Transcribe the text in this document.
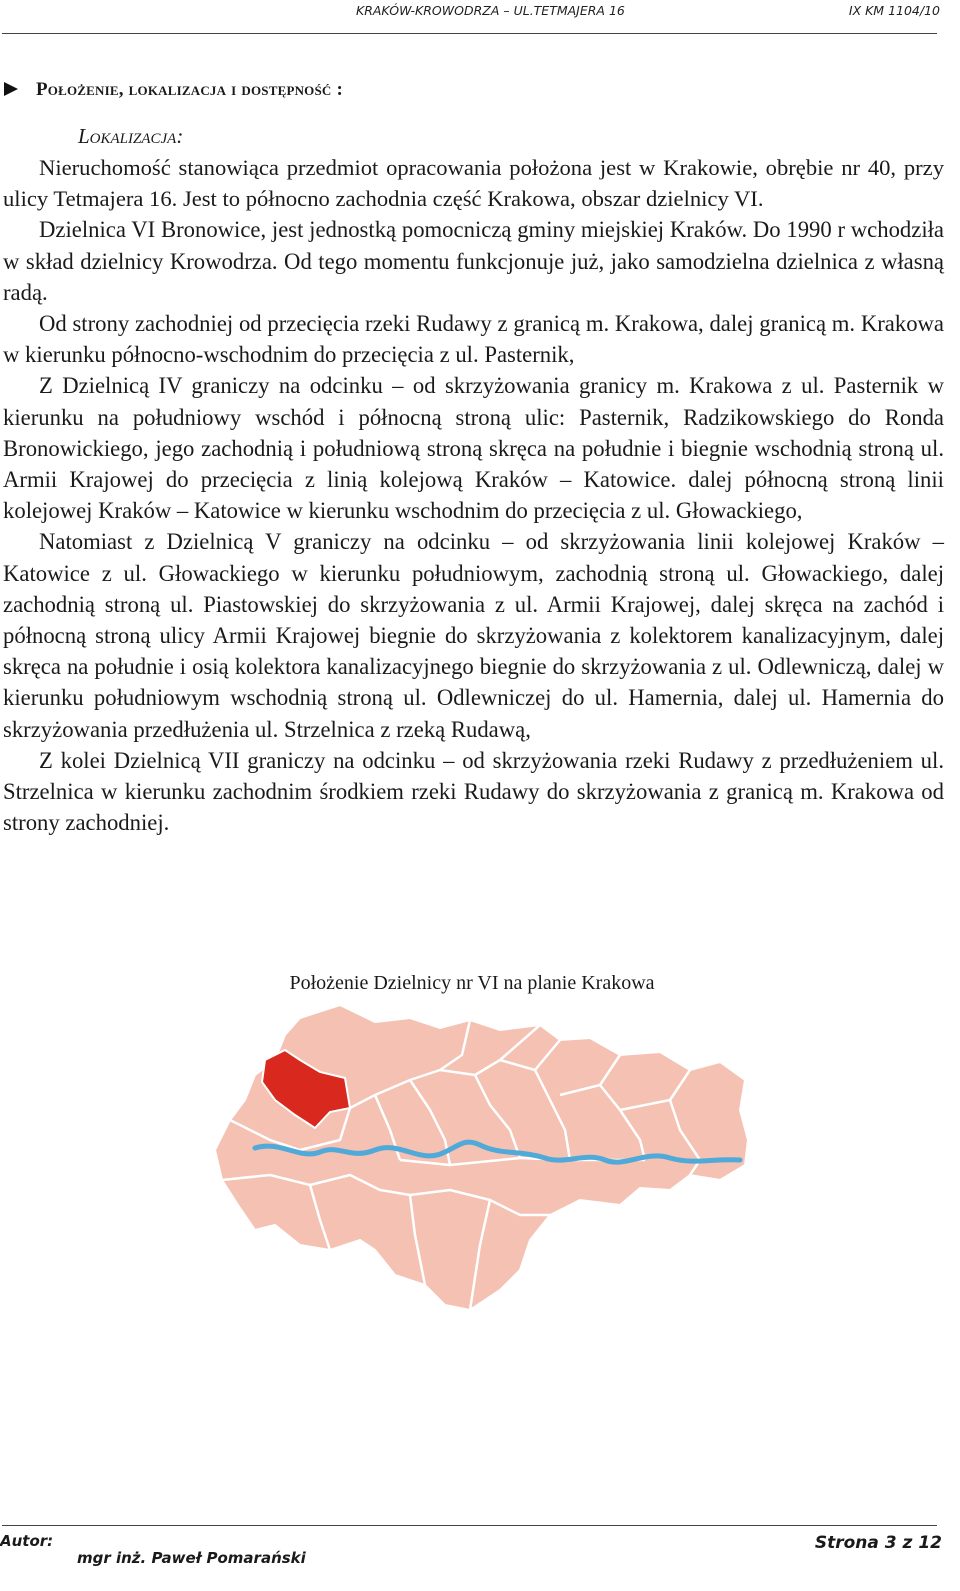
KRAKÓW-KROWODRZA – UL.TETMAJERA 16	IX KM 1104/10
Położenie, lokalizacja i dostępność :
Lokalizacja:

Nieruchomość stanowiąca przedmiot opracowania położona jest w Krakowie, obrębie nr 40, przy ulicy Tetmajera 16. Jest to północno zachodnia część Krakowa, obszar dzielnicy VI.

Dzielnica VI Bronowice, jest jednostką pomocniczą gminy miejskiej Kraków. Do 1990 r wchodziła w skład dzielnicy Krowodrza. Od tego momentu funkcjonuje już, jako samodzielna dzielnica z własną radą.

Od strony zachodniej od przecięcia rzeki Rudawy z granicą m. Krakowa, dalej granicą m. Krakowa w kierunku północno-wschodnim do przecięcia z ul. Pasternik,

Z Dzielnicą IV graniczy na odcinku – od skrzyżowania granicy m. Krakowa z ul. Pasternik w kierunku na południowy wschód i północną stroną ulic: Pasternik, Radzikowskiego do Ronda Bronowickiego, jego zachodnią i południową stroną skręca na południe i biegnie wschodnią stroną ul. Armii Krajowej do przecięcia z linią kolejową Kraków – Katowice. dalej północną stroną linii kolejowej Kraków – Katowice w kierunku wschodnim do przecięcia z ul. Głowackiego,

Natomiast z Dzielnicą V graniczy na odcinku – od skrzyżowania linii kolejowej Kraków – Katowice z ul. Głowackiego w kierunku południowym, zachodnią stroną ul. Głowackiego, dalej zachodnią stroną ul. Piastowskiej do skrzyżowania z ul. Armii Krajowej, dalej skręca na zachód i północną stroną ulicy Armii Krajowej biegnie do skrzyżowania z kolektorem kanalizacyjnym, dalej skręca na południe i osią kolektora kanalizacyjnego biegnie do skrzyżowania z ul. Odlewniczą, dalej w kierunku południowym wschodnią stroną ul. Odlewniczej do ul. Hamernia, dalej ul. Hamernia do skrzyżowania przedłużenia ul. Strzelnica z rzeką Rudawą,

Z kolei Dzielnicą VII graniczy na odcinku – od skrzyżowania rzeki Rudawy z przedłużeniem ul. Strzelnica w kierunku zachodnim środkiem rzeki Rudawy do skrzyżowania z granicą m. Krakowa od strony zachodniej.

Położenie Dzielnicy nr VI na planie Krakowa
Autor:
mgr inż. Paweł Pomarański
Strona 3 z 12
